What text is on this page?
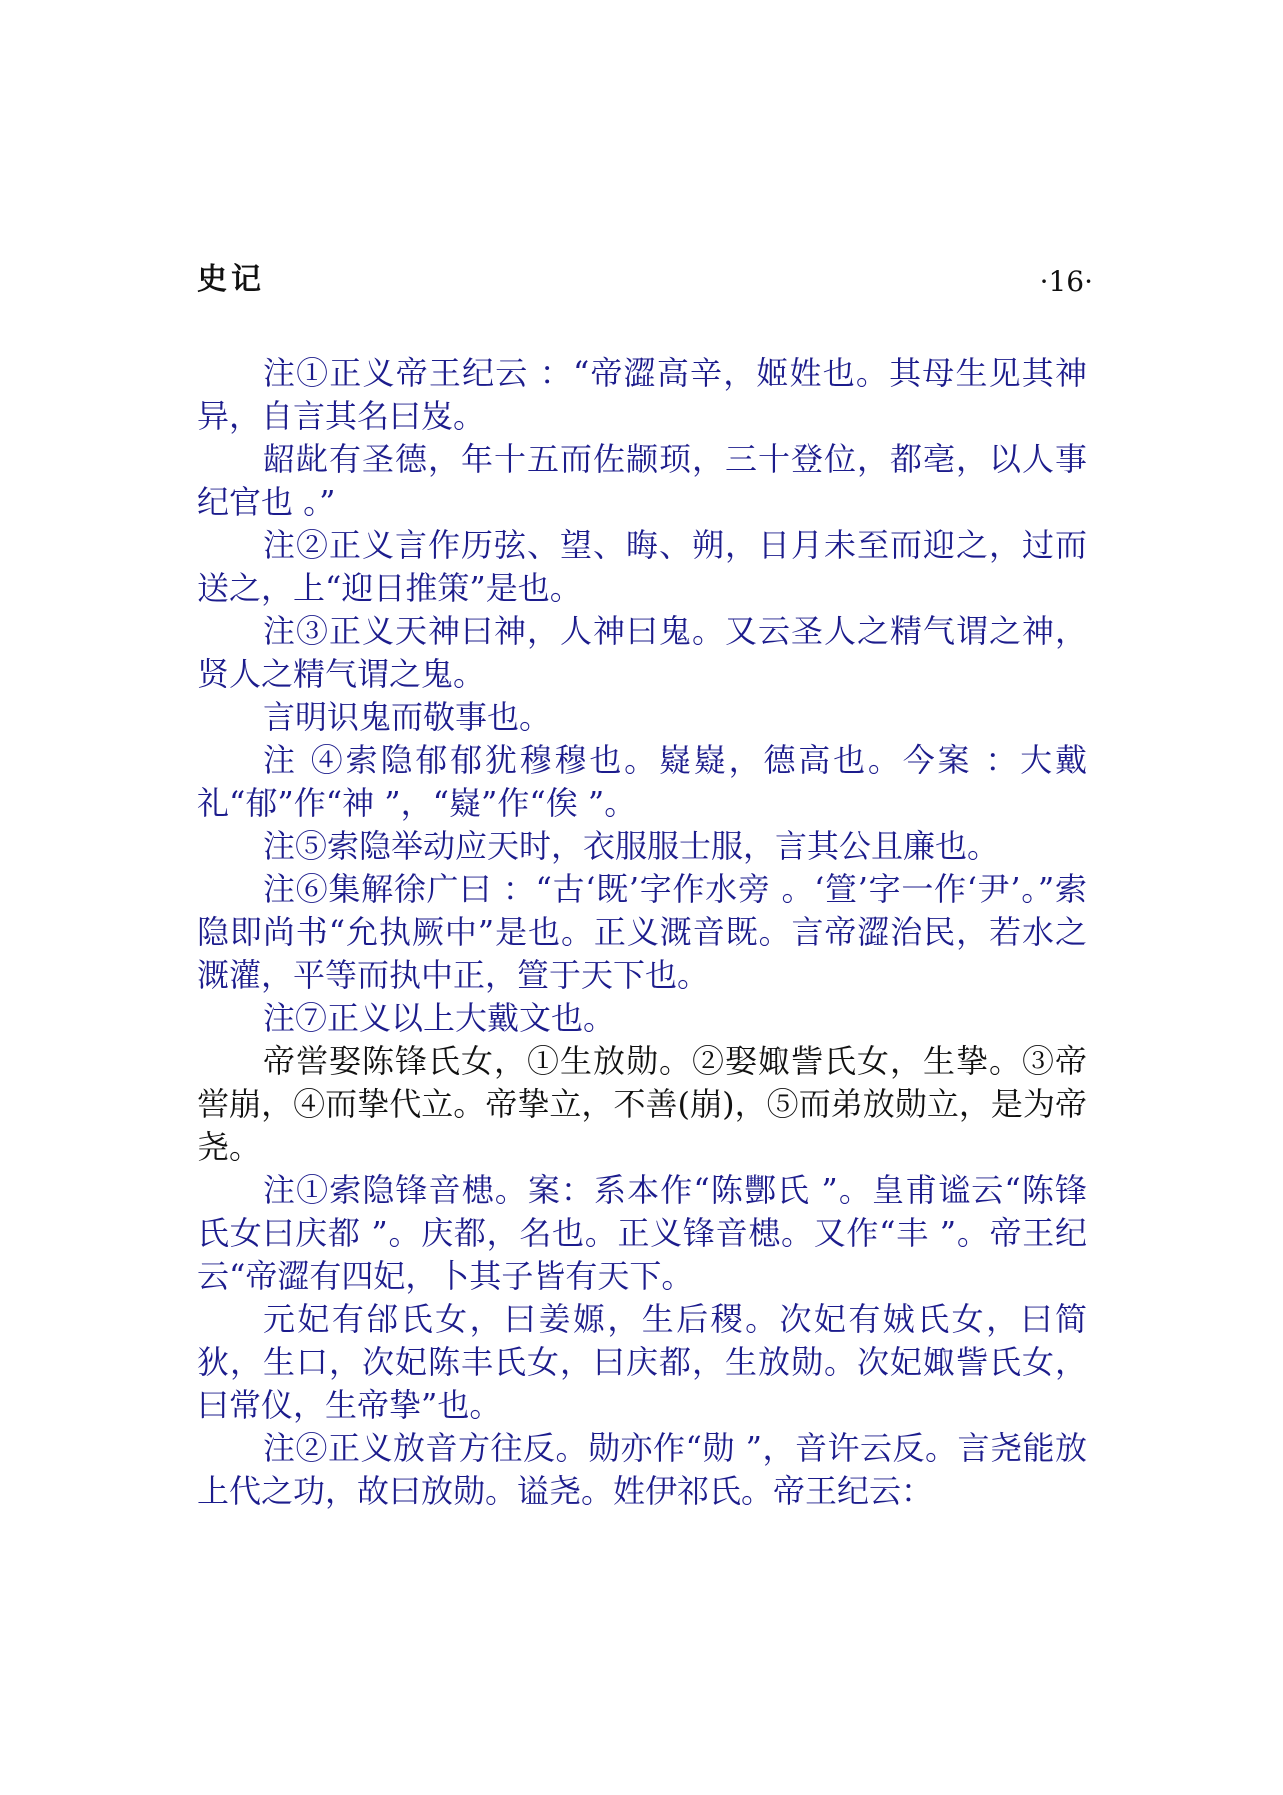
史记	·16·

注①正义帝王纪云 ：“帝澀高辛，姬姓也。其母生见其神异，自言其名曰岌。

龆龀有圣德，年十五而佐颛顼，三十登位，都亳，以人事纪官也 。”

注②正义言作历弦、望、晦、朔，日月未至而迎之，过而送之，上“迎日推策”是也。

注③正义天神曰神，人神曰鬼。又云圣人之精气谓之神，贤人之精气谓之鬼。

言明识鬼而敬事也。

注 ④索隐郁郁犹穆穆也。嶷嶷，德高也。今案 ：大戴礼“郁”作“神 ”，“嶷”作“俟 ”。

注⑤索隐举动应天时，衣服服士服，言其公且廉也。

注⑥集解徐广曰 ：“古‘既’字作水旁 。‘箮’字一作‘尹’。”索隐即尚书“允执厥中”是也。正义溉音既。言帝澀治民，若水之溉灌，平等而执中正，箮于天下也。

注⑦正义以上大戴文也。

帝喾娶陈锋氏女，①生放勋。②娶娵訾氏女，生挚。③帝喾崩，④而挚代立。帝挚立，不善(崩)，⑤而弟放勋立，是为帝尧。

注①索隐锋音槵。案：系本作“陈酆氏 ”。皇甫谧云“陈锋氏女曰庆都 ”。庆都，名也。正义锋音槵。又作“丰 ”。帝王纪云“帝澀有四妃，卜其子皆有天下。

元妃有邰氏女，曰姜嫄，生后稷。次妃有娀氏女，曰简狄，生口，次妃陈丰氏女，曰庆都，生放勋。次妃娵訾氏女，曰常仪，生帝挚”也。

注②正义放音方往反。勋亦作“勋 ”，音许云反。言尧能放上代之功，故曰放勋。谥尧。姓伊祁氏。帝王纪云：
